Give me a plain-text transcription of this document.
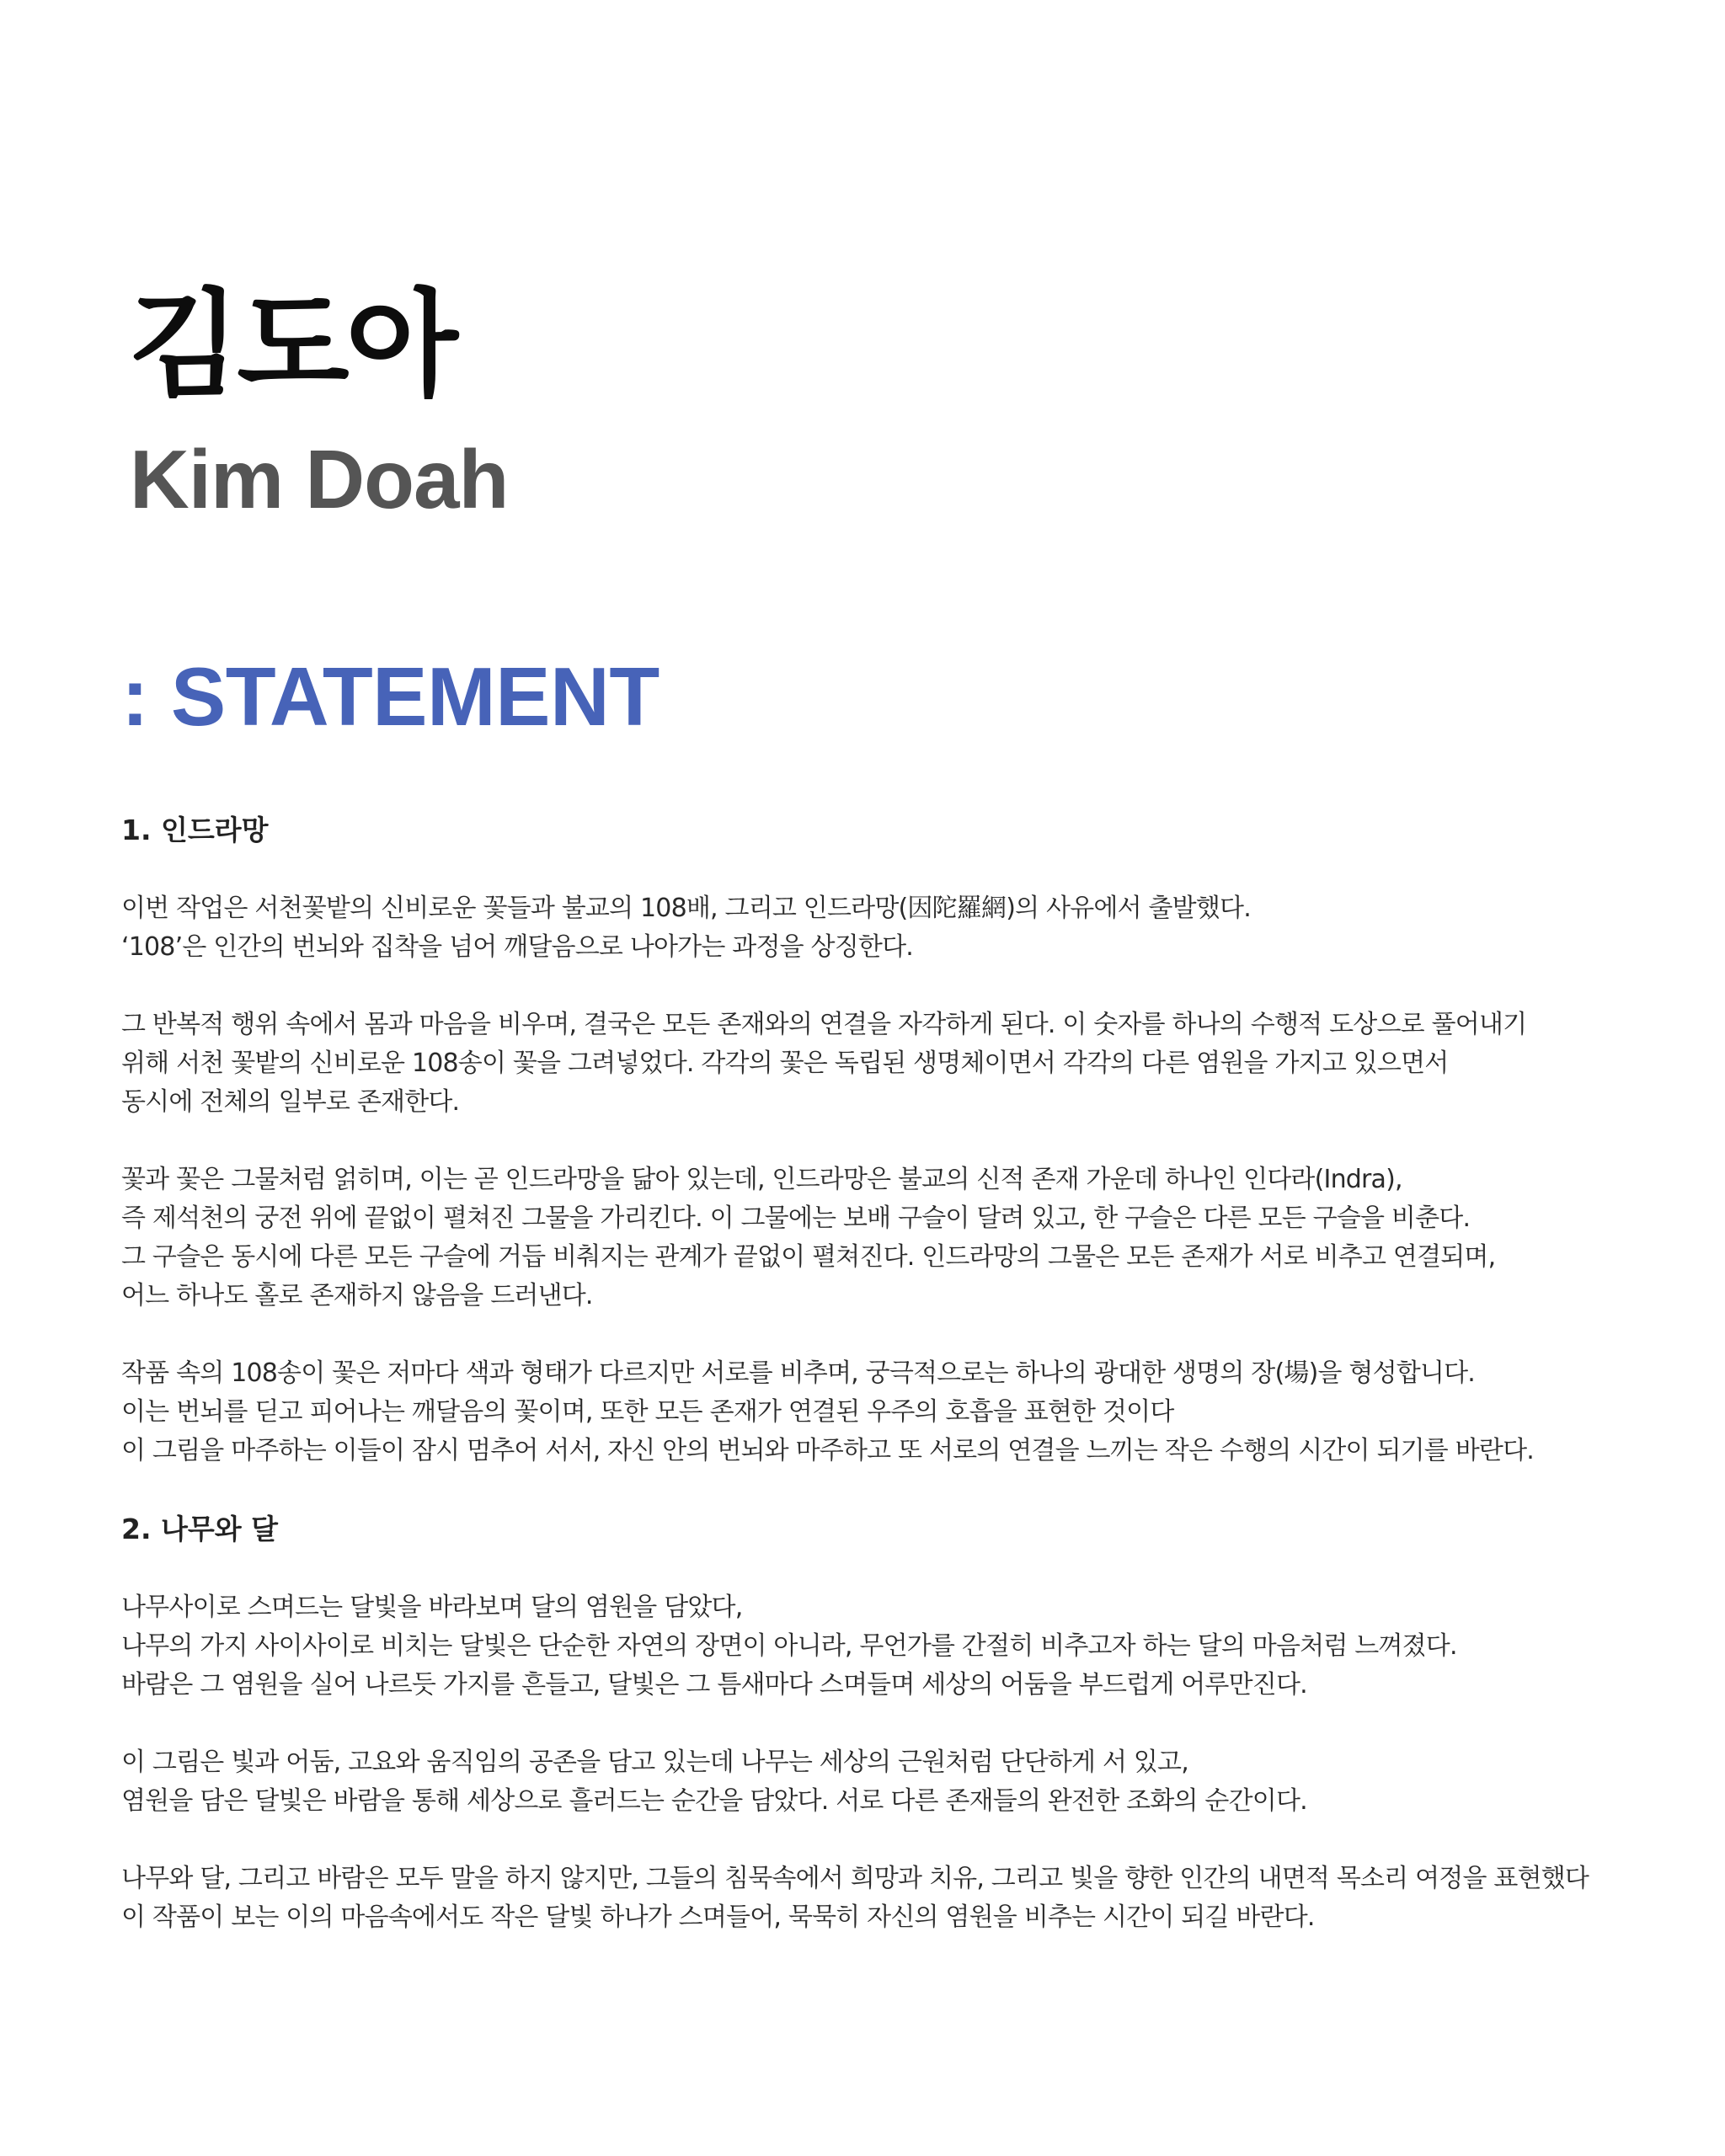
김도아
Kim Doah
: STATEMENT
1. 인드라망

이번 작업은 서천꽃밭의 신비로운 꽃들과 불교의 108배, 그리고 인드라망(因陀羅網)의 사유에서 출발했다.
‘108’은 인간의 번뇌와 집착을 넘어 깨달음으로 나아가는 과정을 상징한다.

그 반복적 행위 속에서 몸과 마음을 비우며, 결국은 모든 존재와의 연결을 자각하게 된다. 이 숫자를 하나의 수행적 도상으로 풀어내기
위해 서천 꽃밭의 신비로운 108송이 꽃을 그려넣었다. 각각의 꽃은 독립된 생명체이면서 각각의 다른 염원을 가지고 있으면서
동시에 전체의 일부로 존재한다.

꽃과 꽃은 그물처럼 얽히며, 이는 곧 인드라망을 닮아 있는데, 인드라망은 불교의 신적 존재 가운데 하나인 인다라(Indra),
즉 제석천의 궁전 위에 끝없이 펼쳐진 그물을 가리킨다. 이 그물에는 보배 구슬이 달려 있고, 한 구슬은 다른 모든 구슬을 비춘다.
그 구슬은 동시에 다른 모든 구슬에 거듭 비춰지는 관계가 끝없이 펼쳐진다. 인드라망의 그물은 모든 존재가 서로 비추고 연결되며,
어느 하나도 홀로 존재하지 않음을 드러낸다.

작품 속의 108송이 꽃은 저마다 색과 형태가 다르지만 서로를 비추며, 궁극적으로는 하나의 광대한 생명의 장(場)을 형성합니다.
이는 번뇌를 딛고 피어나는 깨달음의 꽃이며, 또한 모든 존재가 연결된 우주의 호흡을 표현한 것이다
이 그림을 마주하는 이들이 잠시 멈추어 서서, 자신 안의 번뇌와 마주하고 또 서로의 연결을 느끼는 작은 수행의 시간이 되기를 바란다.

2. 나무와 달

나무사이로 스며드는 달빛을 바라보며 달의 염원을 담았다,
나무의 가지 사이사이로 비치는 달빛은 단순한 자연의 장면이 아니라, 무언가를 간절히 비추고자 하는 달의 마음처럼 느껴졌다.
바람은 그 염원을 실어 나르듯 가지를 흔들고, 달빛은 그 틈새마다 스며들며 세상의 어둠을 부드럽게 어루만진다.

이 그림은 빛과 어둠, 고요와 움직임의 공존을 담고 있는데 나무는 세상의 근원처럼 단단하게 서 있고,
염원을 담은 달빛은 바람을 통해 세상으로 흘러드는 순간을 담았다. 서로 다른 존재들의 완전한 조화의 순간이다.

나무와 달, 그리고 바람은 모두 말을 하지 않지만, 그들의 침묵속에서 희망과 치유, 그리고 빛을 향한 인간의 내면적 목소리 여정을 표현했다
이 작품이 보는 이의 마음속에서도 작은 달빛 하나가 스며들어, 묵묵히 자신의 염원을 비추는 시간이 되길 바란다.
